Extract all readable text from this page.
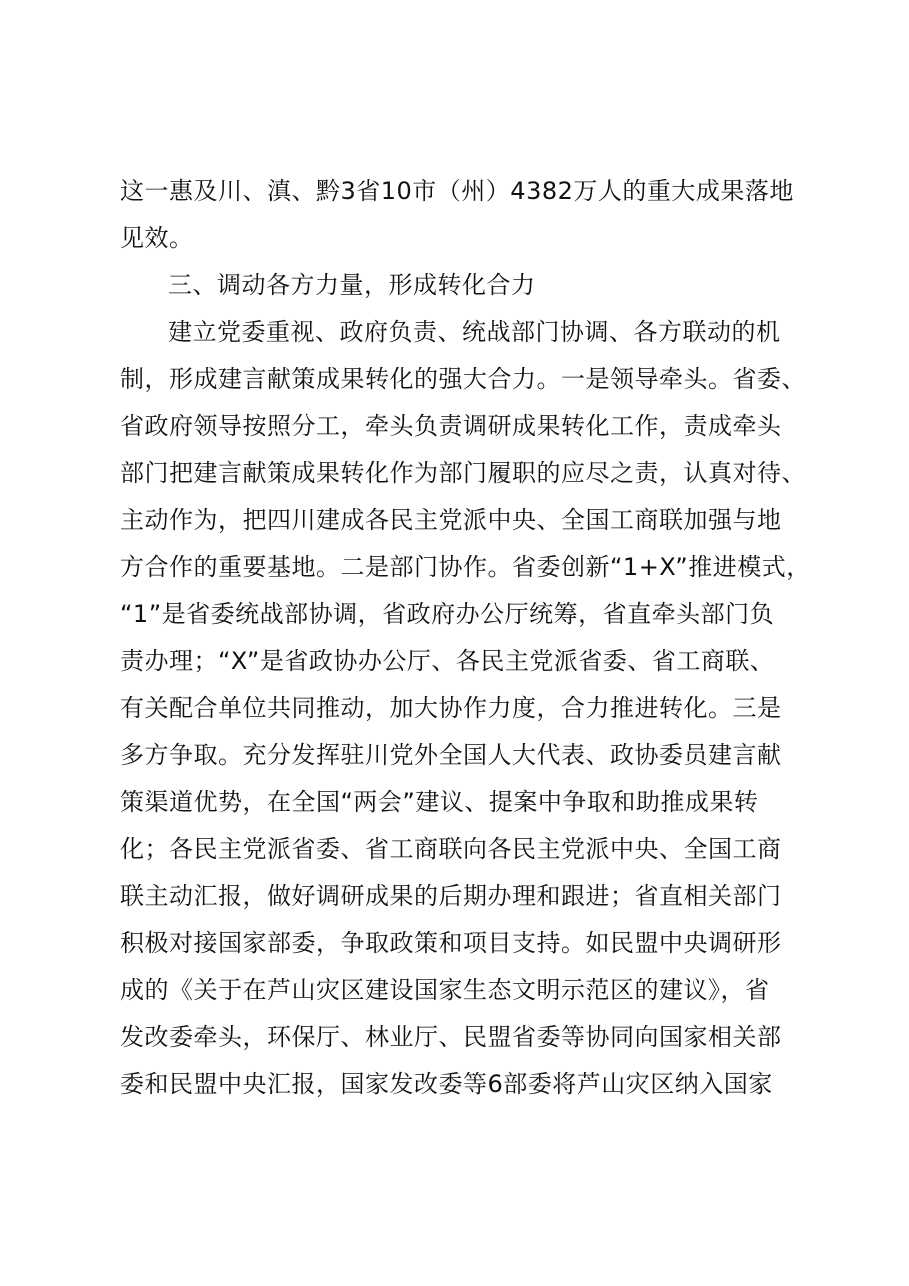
这一惠及川、滇、黔3省10市（州）4382万人的重大成果落地
见效。
三、调动各方力量，形成转化合力
建立党委重视、政府负责、统战部门协调、各方联动的机
制，形成建言献策成果转化的强大合力。一是领导牵头。省委、
省政府领导按照分工，牵头负责调研成果转化工作，责成牵头
部门把建言献策成果转化作为部门履职的应尽之责，认真对待、
主动作为，把四川建成各民主党派中央、全国工商联加强与地
方合作的重要基地。二是部门协作。省委创新“1+X”推进模式，
“1”是省委统战部协调，省政府办公厅统筹，省直牵头部门负
责办理；“X”是省政协办公厅、各民主党派省委、省工商联、
有关配合单位共同推动，加大协作力度，合力推进转化。三是
多方争取。充分发挥驻川党外全国人大代表、政协委员建言献
策渠道优势，在全国“两会”建议、提案中争取和助推成果转
化；各民主党派省委、省工商联向各民主党派中央、全国工商
联主动汇报，做好调研成果的后期办理和跟进；省直相关部门
积极对接国家部委，争取政策和项目支持。如民盟中央调研形
成的《关于在芦山灾区建设国家生态文明示范区的建议》，省
发改委牵头，环保厅、林业厅、民盟省委等协同向国家相关部
委和民盟中央汇报，国家发改委等6部委将芦山灾区纳入国家
